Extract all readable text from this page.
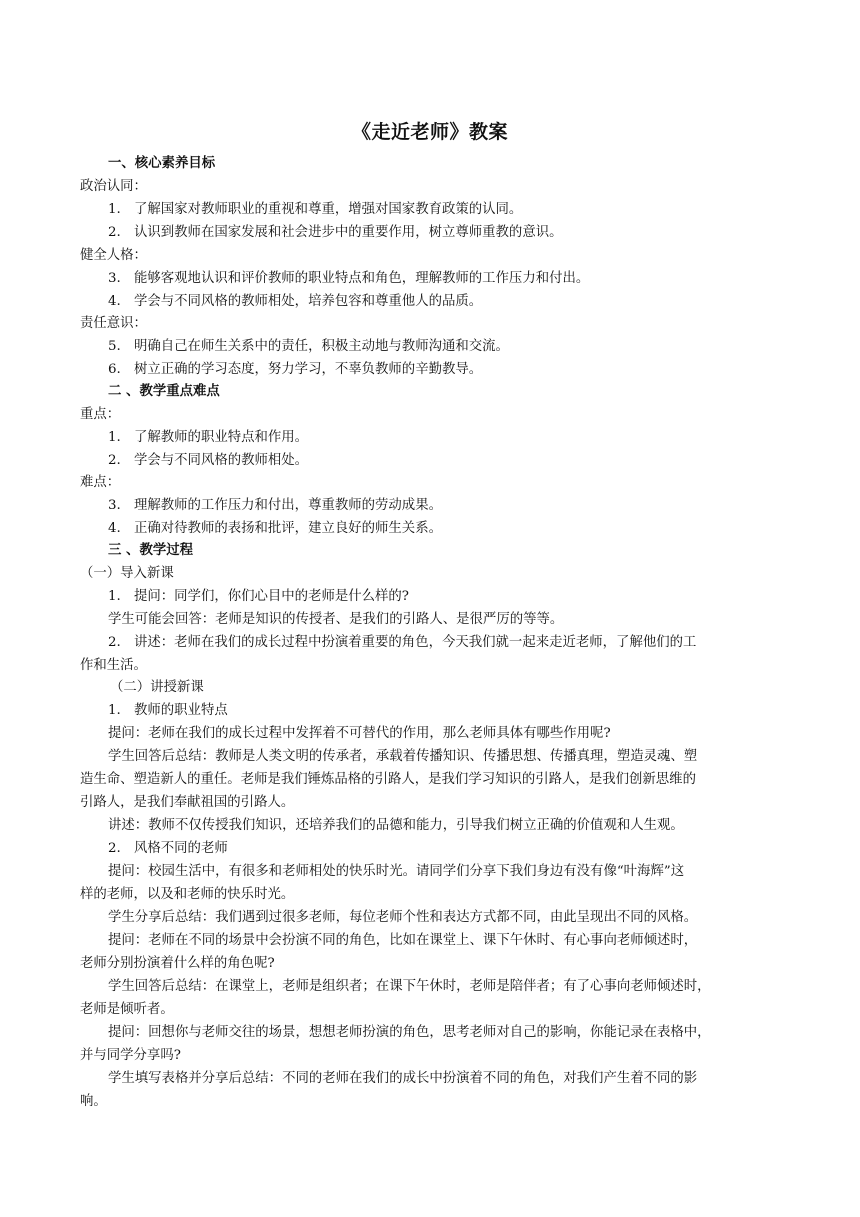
《走近老师》教案
一、核心素养目标
政治认同：
1. 了解国家对教师职业的重视和尊重，增强对国家教育政策的认同。
2. 认识到教师在国家发展和社会进步中的重要作用，树立尊师重教的意识。
健全人格：
3. 能够客观地认识和评价教师的职业特点和角色，理解教师的工作压力和付出。
4. 学会与不同风格的教师相处，培养包容和尊重他人的品质。
责任意识：
5. 明确自己在师生关系中的责任，积极主动地与教师沟通和交流。
6. 树立正确的学习态度，努力学习，不辜负教师的辛勤教导。
二 、教学重点难点
重点：
1. 了解教师的职业特点和作用。
2. 学会与不同风格的教师相处。
难点：
3. 理解教师的工作压力和付出，尊重教师的劳动成果。
4. 正确对待教师的表扬和批评，建立良好的师生关系。
三 、教学过程
（一）导入新课
1. 提问：同学们，你们心目中的老师是什么样的?
学生可能会回答：老师是知识的传授者、是我们的引路人、是很严厉的等等。
2. 讲述：老师在我们的成长过程中扮演着重要的角色，今天我们就一起来走近老师，了解他们的工
作和生活。
（二）讲授新课
1. 教师的职业特点
提问：老师在我们的成长过程中发挥着不可替代的作用，那么老师具体有哪些作用呢?
学生回答后总结：教师是人类文明的传承者，承载着传播知识、传播思想、传播真理，塑造灵魂、塑
造生命、塑造新人的重任。老师是我们锤炼品格的引路人，是我们学习知识的引路人，是我们创新思维的
引路人，是我们奉献祖国的引路人。
讲述：教师不仅传授我们知识，还培养我们的品德和能力，引导我们树立正确的价值观和人生观。
2. 风格不同的老师
提问：校园生活中，有很多和老师相处的快乐时光。请同学们分享下我们身边有没有像“叶海辉”这
样的老师，以及和老师的快乐时光。
学生分享后总结：我们遇到过很多老师，每位老师个性和表达方式都不同，由此呈现出不同的风格。
提问：老师在不同的场景中会扮演不同的角色，比如在课堂上、课下午休时、有心事向老师倾述时，
老师分别扮演着什么样的角色呢?
学生回答后总结：在课堂上，老师是组织者；在课下午休时，老师是陪伴者；有了心事向老师倾述时，
老师是倾听者。
提问：回想你与老师交往的场景，想想老师扮演的角色，思考老师对自己的影响，你能记录在表格中，
并与同学分享吗?
学生填写表格并分享后总结：不同的老师在我们的成长中扮演着不同的角色，对我们产生着不同的影
响。
